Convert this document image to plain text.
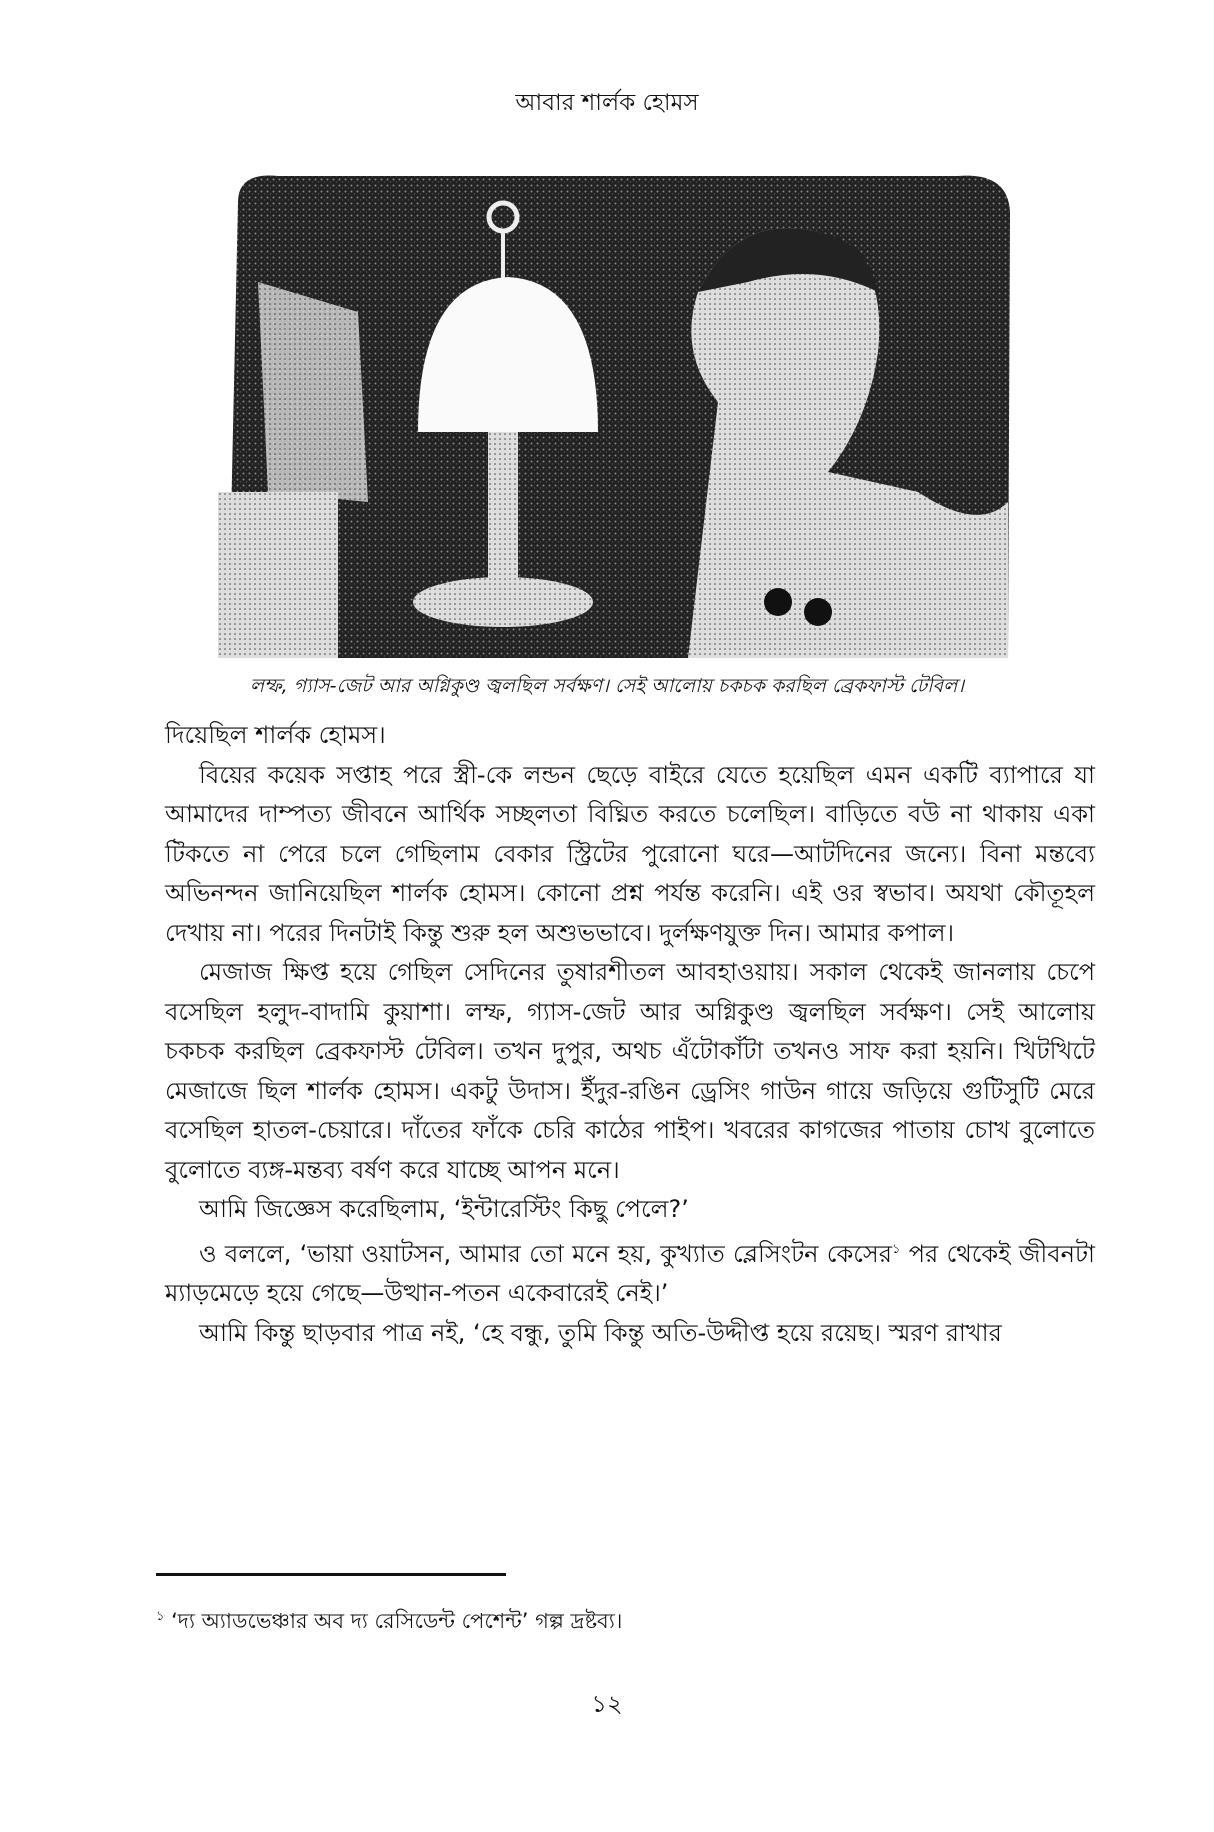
আবার শার্লক হোমস
লম্ফ, গ্যাস-জেট আর অগ্নিকুণ্ড জ্বলছিল সর্বক্ষণ। সেই আলোয় চকচক করছিল ব্রেকফাস্ট টেবিল।

দিয়েছিল শার্লক হোমস।

বিয়ের কয়েক সপ্তাহ পরে স্ত্রী-কে লন্ডন ছেড়ে বাইরে যেতে হয়েছিল এমন একটি ব্যাপারে যা আমাদের দাম্পত্য জীবনে আর্থিক সচ্ছলতা বিঘ্নিত করতে চলেছিল। বাড়িতে বউ না থাকায় একা টিকতে না পেরে চলে গেছিলাম বেকার স্ট্রিটের পুরোনো ঘরে—আটদিনের জন্যে। বিনা মন্তব্যে অভিনন্দন জানিয়েছিল শার্লক হোমস। কোনো প্রশ্ন পর্যন্ত করেনি। এই ওর স্বভাব। অযথা কৌতূহল দেখায় না। পরের দিনটাই কিন্তু শুরু হল অশুভভাবে। দুর্লক্ষণযুক্ত দিন। আমার কপাল।

মেজাজ ক্ষিপ্ত হয়ে গেছিল সেদিনের তুষারশীতল আবহাওয়ায়। সকাল থেকেই জানলায় চেপে বসেছিল হলুদ-বাদামি কুয়াশা। লম্ফ, গ্যাস-জেট আর অগ্নিকুণ্ড জ্বলছিল সর্বক্ষণ। সেই আলোয় চকচক করছিল ব্রেকফাস্ট টেবিল। তখন দুপুর, অথচ এঁটোকাঁটা তখনও সাফ করা হয়নি। খিটখিটে মেজাজে ছিল শার্লক হোমস। একটু উদাস। ইঁদুর-রঙিন ড্রেসিং গাউন গায়ে জড়িয়ে গুটিসুটি মেরে বসেছিল হাতল-চেয়ারে। দাঁতের ফাঁকে চেরি কাঠের পাইপ। খবরের কাগজের পাতায় চোখ বুলোতে বুলোতে ব্যঙ্গ-মন্তব্য বর্ষণ করে যাচ্ছে আপন মনে।

আমি জিজ্ঞেস করেছিলাম, ‘ইন্টারেস্টিং কিছু পেলে?’

ও বললে, ‘ভায়া ওয়াটসন, আমার তো মনে হয়, কুখ্যাত ব্লেসিংটন কেসের$^১$ পর থেকেই জীবনটা ম্যাড়মেড়ে হয়ে গেছে—উত্থান-পতন একেবারেই নেই।’

আমি কিন্তু ছাড়বার পাত্র নই, ‘হে বন্ধু, তুমি কিন্তু অতি-উদ্দীপ্ত হয়ে রয়েছ। স্মরণ রাখার

$^১$ ‘দ্য অ্যাডভেঞ্চার অব দ্য রেসিডেন্ট পেশেন্ট’ গল্প দ্রষ্টব্য।
১২
